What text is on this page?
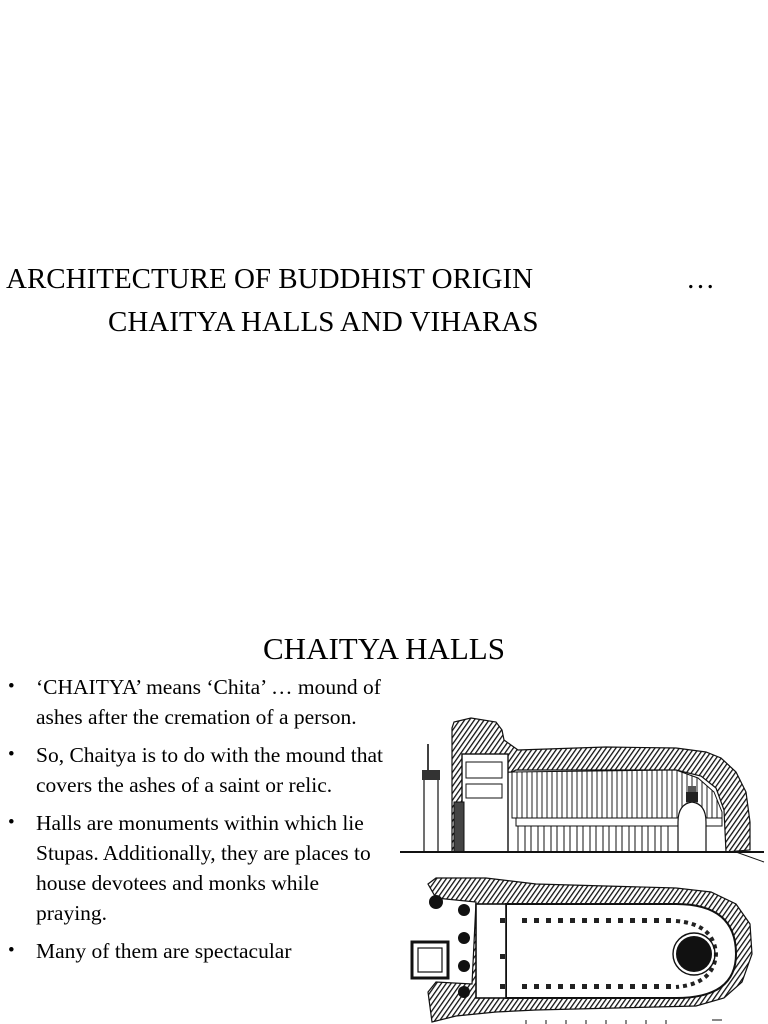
ARCHITECTURE OF BUDDHIST ORIGIN	…
CHAITYA HALLS AND VIHARAS
CHAITYA HALLS
• ‘CHAITYA’ means ‘Chita’ … mound of ashes after the cremation of a person.
• So, Chaitya is to do with the mound that covers the ashes of a saint or relic.
• Halls are monuments within which lie Stupas. Additionally, they are places to house devotees and monks while praying.
• Many of them are spectacular
